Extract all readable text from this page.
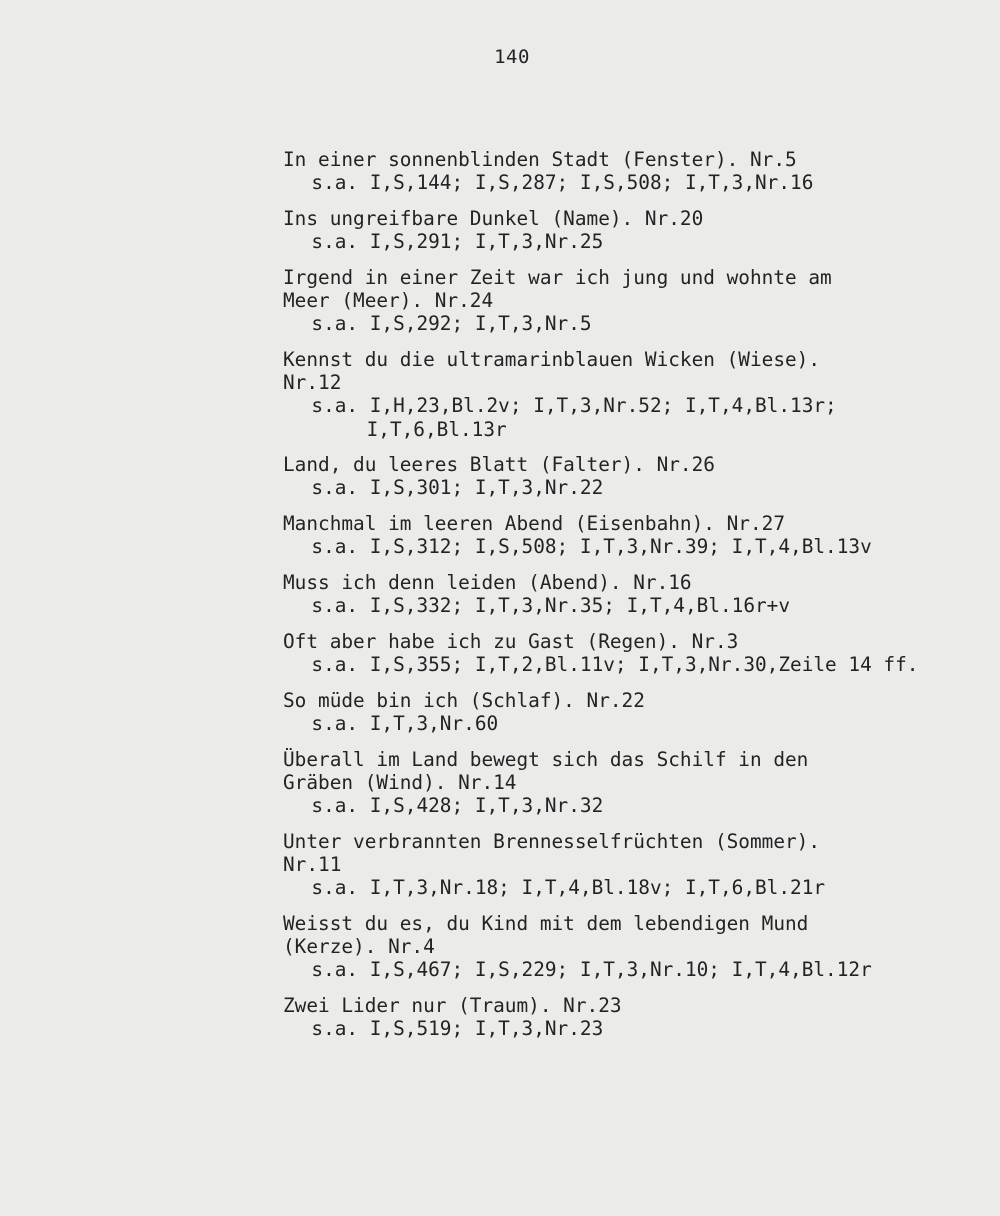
140
In einer sonnenblinden Stadt (Fenster). Nr.5
s.a. I,S,144; I,S,287; I,S,508; I,T,3,Nr.16
Ins ungreifbare Dunkel (Name). Nr.20
s.a. I,S,291; I,T,3,Nr.25
Irgend in einer Zeit war ich jung und wohnte am
Meer (Meer). Nr.24
s.a. I,S,292; I,T,3,Nr.5
Kennst du die ultramarinblauen Wicken (Wiese).
Nr.12
s.a. I,H,23,Bl.2v; I,T,3,Nr.52; I,T,4,Bl.13r;
I,T,6,Bl.13r
Land, du leeres Blatt (Falter). Nr.26
s.a. I,S,301; I,T,3,Nr.22
Manchmal im leeren Abend (Eisenbahn). Nr.27
s.a. I,S,312; I,S,508; I,T,3,Nr.39; I,T,4,Bl.13v
Muss ich denn leiden (Abend). Nr.16
s.a. I,S,332; I,T,3,Nr.35; I,T,4,Bl.16r+v
Oft aber habe ich zu Gast (Regen). Nr.3
s.a. I,S,355; I,T,2,Bl.11v; I,T,3,Nr.30,Zeile 14 ff.
So müde bin ich (Schlaf). Nr.22
s.a. I,T,3,Nr.60
Überall im Land bewegt sich das Schilf in den
Gräben (Wind). Nr.14
s.a. I,S,428; I,T,3,Nr.32
Unter verbrannten Brennesselfrüchten (Sommer).
Nr.11
s.a. I,T,3,Nr.18; I,T,4,Bl.18v; I,T,6,Bl.21r
Weisst du es, du Kind mit dem lebendigen Mund
(Kerze). Nr.4
s.a. I,S,467; I,S,229; I,T,3,Nr.10; I,T,4,Bl.12r
Zwei Lider nur (Traum). Nr.23
s.a. I,S,519; I,T,3,Nr.23
